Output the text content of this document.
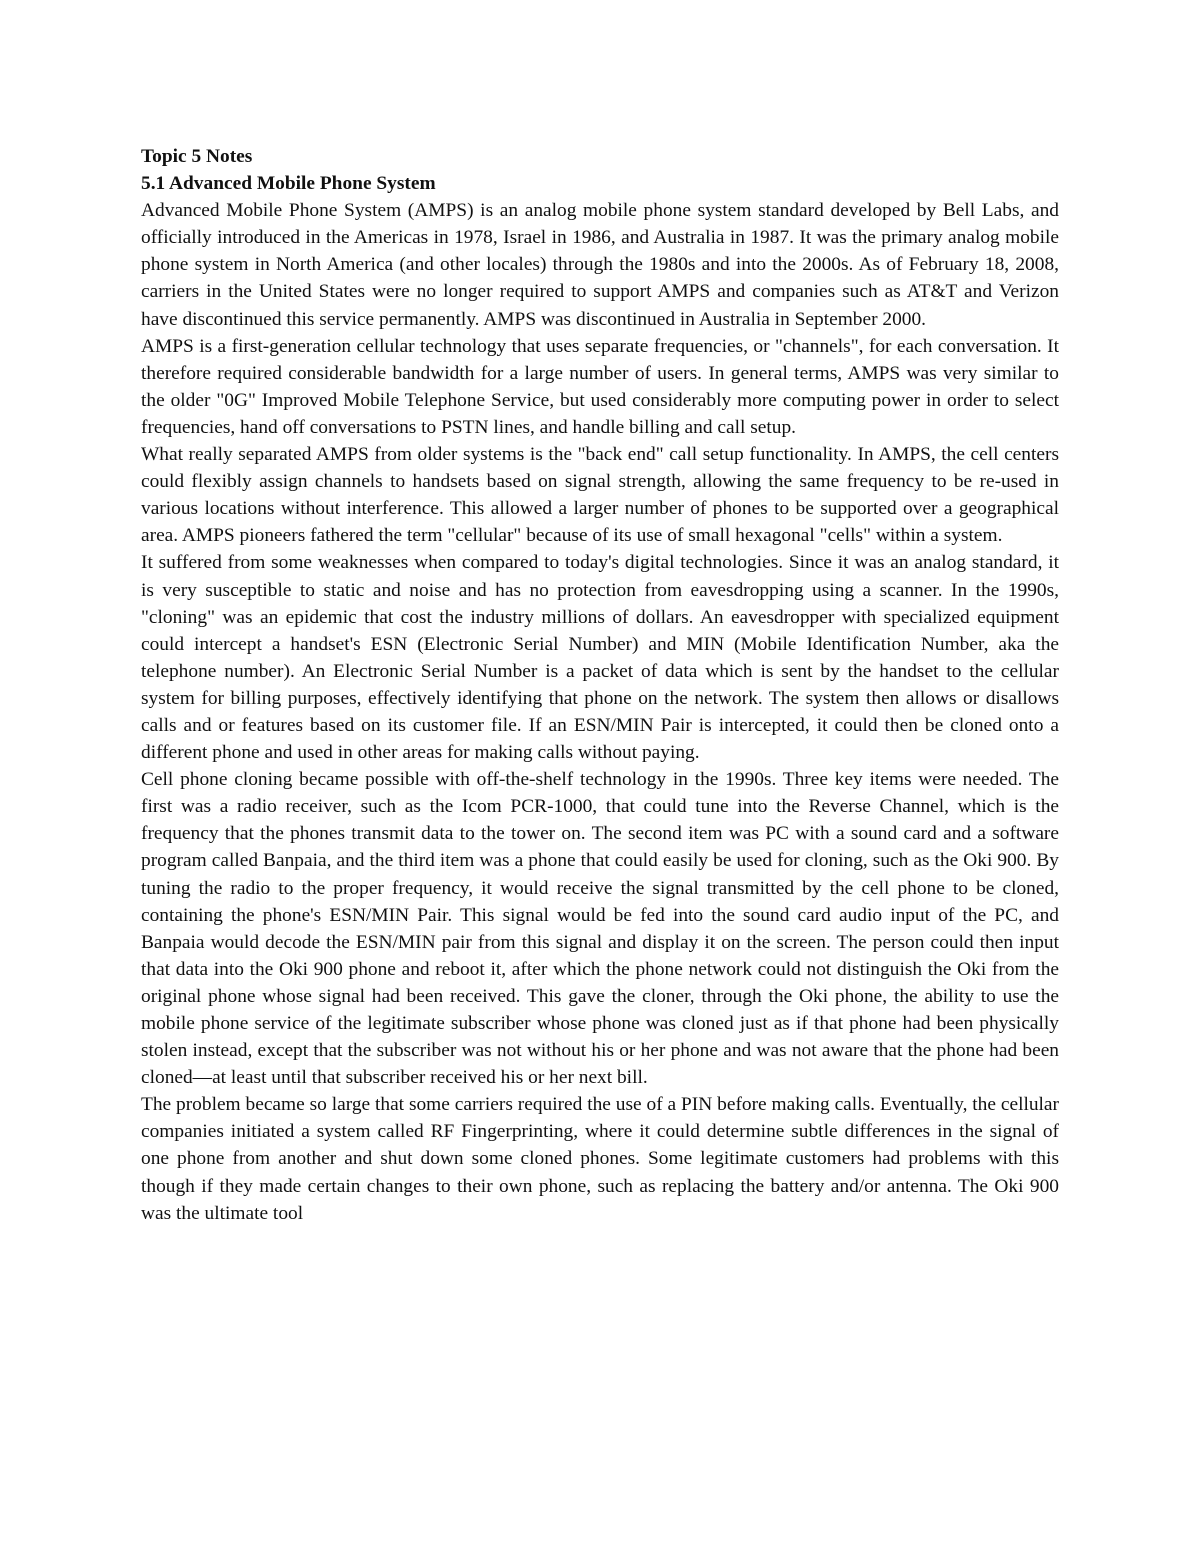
Topic 5 Notes
5.1 Advanced Mobile Phone System

Advanced Mobile Phone System (AMPS) is an analog mobile phone system standard developed by Bell Labs, and officially introduced in the Americas in 1978, Israel in 1986, and Australia in 1987. It was the primary analog mobile phone system in North America (and other locales) through the 1980s and into the 2000s. As of February 18, 2008, carriers in the United States were no longer required to support AMPS and companies such as AT&T and Verizon have discontinued this service permanently. AMPS was discontinued in Australia in September 2000.

AMPS is a first-generation cellular technology that uses separate frequencies, or "channels", for each conversation. It therefore required considerable bandwidth for a large number of users. In general terms, AMPS was very similar to the older "0G" Improved Mobile Telephone Service, but used considerably more computing power in order to select frequencies, hand off conversations to PSTN lines, and handle billing and call setup.

What really separated AMPS from older systems is the "back end" call setup functionality. In AMPS, the cell centers could flexibly assign channels to handsets based on signal strength, allowing the same frequency to be re-used in various locations without interference. This allowed a larger number of phones to be supported over a geographical area. AMPS pioneers fathered the term "cellular" because of its use of small hexagonal "cells" within a system.

It suffered from some weaknesses when compared to today's digital technologies. Since it was an analog standard, it is very susceptible to static and noise and has no protection from eavesdropping using a scanner. In the 1990s, "cloning" was an epidemic that cost the industry millions of dollars. An eavesdropper with specialized equipment could intercept a handset's ESN (Electronic Serial Number) and MIN (Mobile Identification Number, aka the telephone number). An Electronic Serial Number is a packet of data which is sent by the handset to the cellular system for billing purposes, effectively identifying that phone on the network. The system then allows or disallows calls and or features based on its customer file. If an ESN/MIN Pair is intercepted, it could then be cloned onto a different phone and used in other areas for making calls without paying.

Cell phone cloning became possible with off-the-shelf technology in the 1990s. Three key items were needed. The first was a radio receiver, such as the Icom PCR-1000, that could tune into the Reverse Channel, which is the frequency that the phones transmit data to the tower on. The second item was PC with a sound card and a software program called Banpaia, and the third item was a phone that could easily be used for cloning, such as the Oki 900. By tuning the radio to the proper frequency, it would receive the signal transmitted by the cell phone to be cloned, containing the phone's ESN/MIN Pair. This signal would be fed into the sound card audio input of the PC, and Banpaia would decode the ESN/MIN pair from this signal and display it on the screen. The person could then input that data into the Oki 900 phone and reboot it, after which the phone network could not distinguish the Oki from the original phone whose signal had been received. This gave the cloner, through the Oki phone, the ability to use the mobile phone service of the legitimate subscriber whose phone was cloned just as if that phone had been physically stolen instead, except that the subscriber was not without his or her phone and was not aware that the phone had been cloned—at least until that subscriber received his or her next bill.

The problem became so large that some carriers required the use of a PIN before making calls. Eventually, the cellular companies initiated a system called RF Fingerprinting, where it could determine subtle differences in the signal of one phone from another and shut down some cloned phones. Some legitimate customers had problems with this though if they made certain changes to their own phone, such as replacing the battery and/or antenna. The Oki 900 was the ultimate tool
